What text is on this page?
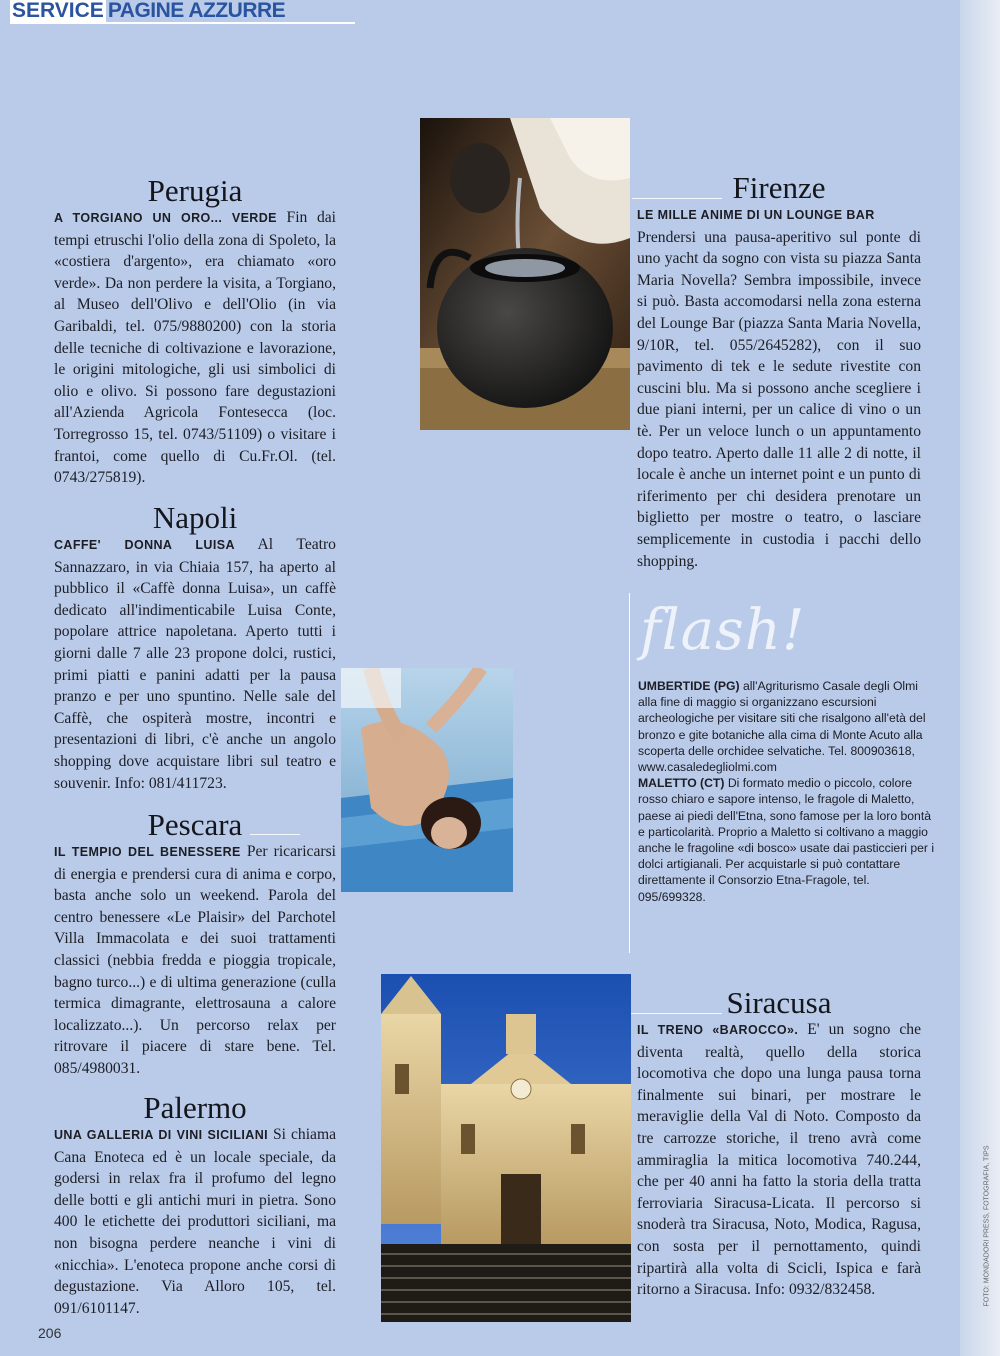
SERVICE PAGINE AZZURRE
Perugia

A TORGIANO UN ORO... VERDE Fin dai tempi etruschi l'olio della zona di Spoleto, la «costiera d'argento», era chiamato «oro verde». Da non perdere la visita, a Torgiano, al Museo dell'Olivo e dell'Olio (in via Garibaldi, tel. 075/9880200) con la storia delle tecniche di coltivazione e lavorazione, le origini mitologiche, gli usi simbolici di olio e olivo. Si possono fare degustazioni all'Azienda Agricola Fontesecca (loc. Torregrosso 15, tel. 0743/51109) o visitare i frantoi, come quello di Cu.Fr.Ol. (tel. 0743/275819).

Napoli

CAFFE' DONNA LUISA Al Teatro Sannazzaro, in via Chiaia 157, ha aperto al pubblico il «Caffè donna Luisa», un caffè dedicato all'indimenticabile Luisa Conte, popolare attrice napoletana. Aperto tutti i giorni dalle 7 alle 23 propone dolci, rustici, primi piatti e panini adatti per la pausa pranzo e per uno spuntino. Nelle sale del Caffè, che ospiterà mostre, incontri e presentazioni di libri, c'è anche un angolo shopping dove acquistare libri sul teatro e souvenir. Info: 081/411723.

Pescara

IL TEMPIO DEL BENESSERE Per ricaricarsi di energia e prendersi cura di anima e corpo, basta anche solo un weekend. Parola del centro benessere «Le Plaisir» del Parchotel Villa Immacolata e dei suoi trattamenti classici (nebbia fredda e pioggia tropicale, bagno turco...) e di ultima generazione (culla termica dimagrante, elettrosauna a calore localizzato...). Un percorso relax per ritrovare il piacere di stare bene. Tel. 085/4980031.

Palermo

UNA GALLERIA DI VINI SICILIANI Si chiama Cana Enoteca ed è un locale speciale, da godersi in relax fra il profumo del legno delle botti e gli antichi muri in pietra. Sono 400 le etichette dei produttori siciliani, ma non bisogna perdere neanche i vini di «nicchia». L'enoteca propone anche corsi di degustazione. Via Alloro 105, tel. 091/6101147.

Firenze

LE MILLE ANIME DI UN LOUNGE BAR
Prendersi una pausa-aperitivo sul ponte di uno yacht da sogno con vista su piazza Santa Maria Novella? Sembra impossibile, invece si può. Basta accomodarsi nella zona esterna del Lounge Bar (piazza Santa Maria Novella, 9/10R, tel. 055/2645282), con il suo pavimento di tek e le sedute rivestite con cuscini blu. Ma si possono anche scegliere i due piani interni, per un calice di vino o un tè. Per un veloce lunch o un appuntamento dopo teatro. Aperto dalle 11 alle 2 di notte, il locale è anche un internet point e un punto di riferimento per chi desidera prenotare un biglietto per mostre o teatro, o lasciare semplicemente in custodia i pacchi dello shopping.

Siracusa

IL TRENO «BAROCCO». E' un sogno che diventa realtà, quello della storica locomotiva che dopo una lunga pausa torna finalmente sui binari, per mostrare le meraviglie della Val di Noto. Composto da tre carrozze storiche, il treno avrà come ammiraglia la mitica locomotiva 740.244, che per 40 anni ha fatto la storia della tratta ferroviaria Siracusa-Licata. Il percorso si snoderà tra Siracusa, Noto, Modica, Ragusa, con sosta per il pernottamento, quindi ripartirà alla volta di Scicli, Ispica e farà ritorno a Siracusa. Info: 0932/832458.

flash!

UMBERTIDE (PG) all'Agriturismo Casale degli Olmi alla fine di maggio si organizzano escursioni archeologiche per visitare siti che risalgono all'età del bronzo e gite botaniche alla cima di Monte Acuto alla scoperta delle orchidee selvatiche. Tel. 800903618, www.casaledegliolmi.com

MALETTO (CT) Di formato medio o piccolo, colore rosso chiaro e sapore intenso, le fragole di Maletto, paese ai piedi dell'Etna, sono famose per la loro bontà e particolarità. Proprio a Maletto si coltivano a maggio anche le fragoline «di bosco» usate dai pasticcieri per i dolci artigianali. Per acquistarle si può contattare direttamente il Consorzio Etna-Fragole, tel. 095/699328.

206
FOTO: MONDADORI PRESS, FOTOGRAFIA, TIPS
